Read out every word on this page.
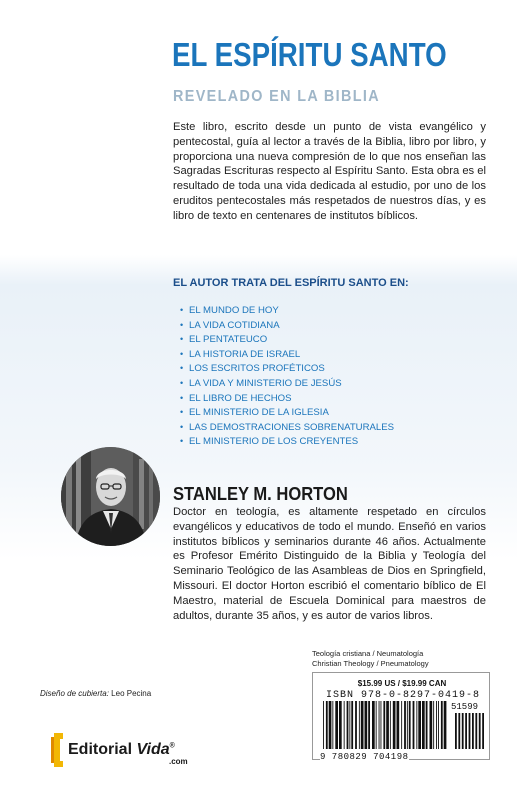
EL ESPÍRITU SANTO
REVELADO EN LA BIBLIA

Este libro, escrito desde un punto de vista evangélico y pentecostal, guía al lector a través de la Biblia, libro por libro, y proporciona una nueva compresión de lo que nos enseñan las Sagradas Escrituras respecto al Espíritu Santo. Esta obra es el resultado de toda una vida dedicada al estudio, por uno de los eruditos pentecostales más respetados de nuestros días, y es libro de texto en centenares de institutos bíblicos.

EL AUTOR TRATA DEL ESPÍRITU SANTO EN:
• EL MUNDO DE HOY
• LA VIDA COTIDIANA
• EL PENTATEUCO
• LA HISTORIA DE ISRAEL
• LOS ESCRITOS PROFÉTICOS
• LA VIDA Y MINISTERIO DE JESÚS
• EL LIBRO DE HECHOS
• EL MINISTERIO DE LA IGLESIA
• LAS DEMOSTRACIONES SOBRENATURALES
• EL MINISTERIO DE LOS CREYENTES
STANLEY M. HORTON

Doctor en teología, es altamente respetado en círculos evangélicos y educativos de todo el mundo. Enseñó en varios institutos bíblicos y seminarios durante 46 años. Actualmente es Profesor Emérito Distinguido de la Biblia y Teología del Seminario Teológico de las Asambleas de Dios en Springfield, Missouri. El doctor Horton escribió el comentario bíblico de El Maestro, material de Escuela Dominical para maestros de adultos, durante 35 años, y es autor de varios libros.

Teología cristiana / Neumatología
Christian Theology / Pneumatology
$15.99 US / $19.99 CAN
ISBN 978-0-8297-0419-8
51599
9 780829 704198
Diseño de cubierta: Leo Pecina
Editorial Vida®
.com
